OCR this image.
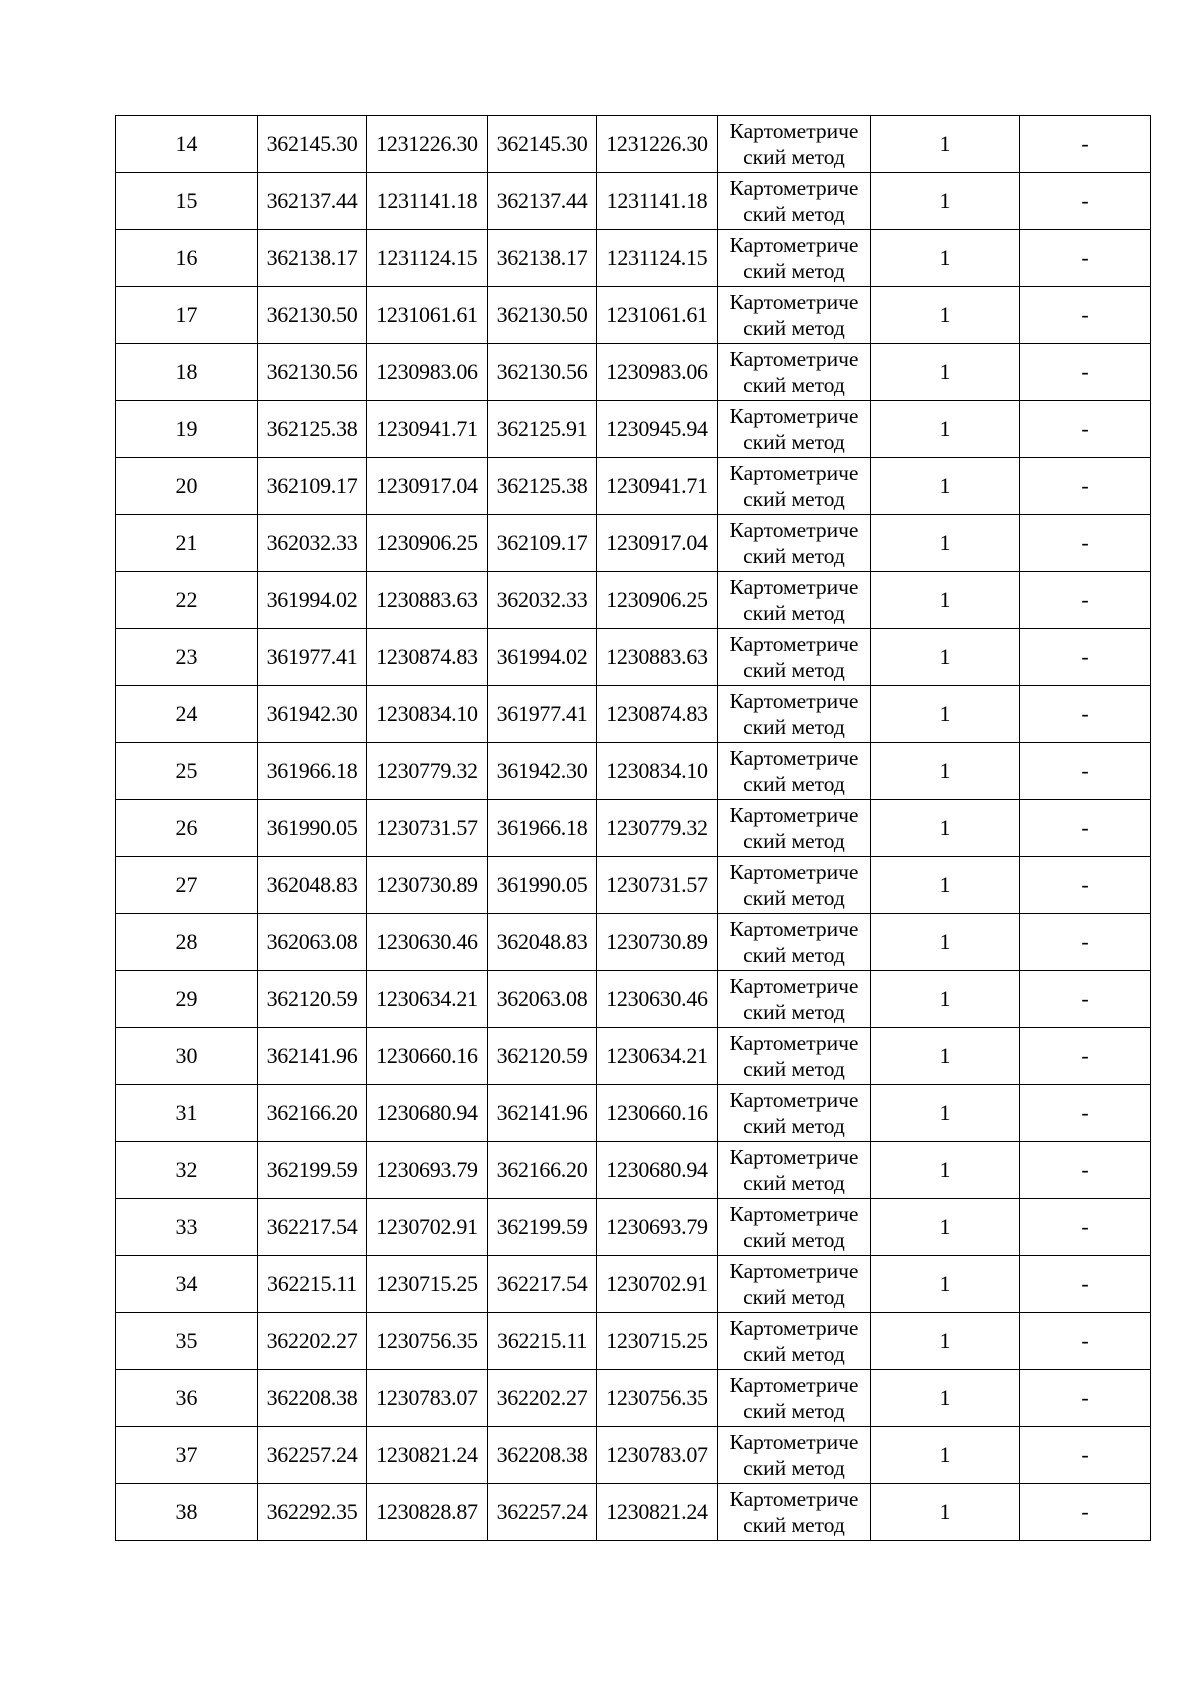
14	362145.30	1231226.30	362145.30	1231226.30	Картометриче
ский метод	1	-
15	362137.44	1231141.18	362137.44	1231141.18	Картометриче
ский метод	1	-
16	362138.17	1231124.15	362138.17	1231124.15	Картометриче
ский метод	1	-
17	362130.50	1231061.61	362130.50	1231061.61	Картометриче
ский метод	1	-
18	362130.56	1230983.06	362130.56	1230983.06	Картометриче
ский метод	1	-
19	362125.38	1230941.71	362125.91	1230945.94	Картометриче
ский метод	1	-
20	362109.17	1230917.04	362125.38	1230941.71	Картометриче
ский метод	1	-
21	362032.33	1230906.25	362109.17	1230917.04	Картометриче
ский метод	1	-
22	361994.02	1230883.63	362032.33	1230906.25	Картометриче
ский метод	1	-
23	361977.41	1230874.83	361994.02	1230883.63	Картометриче
ский метод	1	-
24	361942.30	1230834.10	361977.41	1230874.83	Картометриче
ский метод	1	-
25	361966.18	1230779.32	361942.30	1230834.10	Картометриче
ский метод	1	-
26	361990.05	1230731.57	361966.18	1230779.32	Картометриче
ский метод	1	-
27	362048.83	1230730.89	361990.05	1230731.57	Картометриче
ский метод	1	-
28	362063.08	1230630.46	362048.83	1230730.89	Картометриче
ский метод	1	-
29	362120.59	1230634.21	362063.08	1230630.46	Картометриче
ский метод	1	-
30	362141.96	1230660.16	362120.59	1230634.21	Картометриче
ский метод	1	-
31	362166.20	1230680.94	362141.96	1230660.16	Картометриче
ский метод	1	-
32	362199.59	1230693.79	362166.20	1230680.94	Картометриче
ский метод	1	-
33	362217.54	1230702.91	362199.59	1230693.79	Картометриче
ский метод	1	-
34	362215.11	1230715.25	362217.54	1230702.91	Картометриче
ский метод	1	-
35	362202.27	1230756.35	362215.11	1230715.25	Картометриче
ский метод	1	-
36	362208.38	1230783.07	362202.27	1230756.35	Картометриче
ский метод	1	-
37	362257.24	1230821.24	362208.38	1230783.07	Картометриче
ский метод	1	-
38	362292.35	1230828.87	362257.24	1230821.24	Картометриче
ский метод	1	-
